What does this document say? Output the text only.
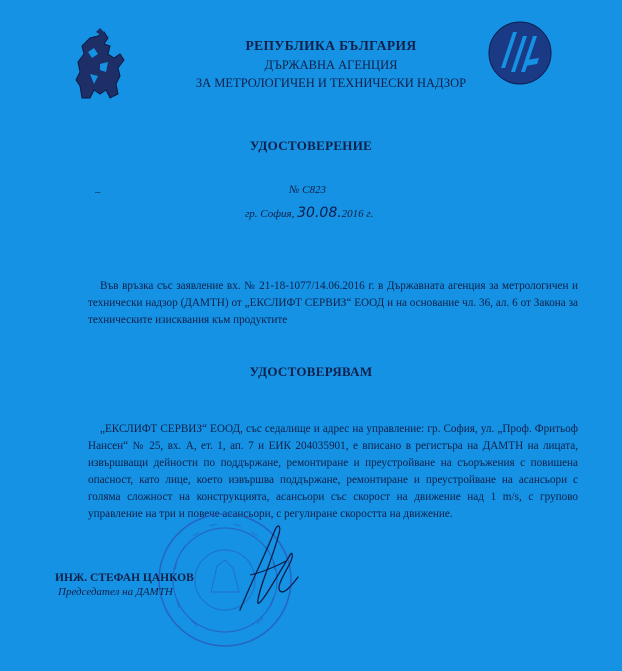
РЕПУБЛИКА БЪЛГАРИЯ
ДЪРЖАВНА АГЕНЦИЯ
ЗА МЕТРОЛОГИЧЕН И ТЕХНИЧЕСКИ НАДЗОР
УДОСТОВЕРЕНИЕ
–	№ С823
гр. София, 30.08.2016 г.
Във връзка със заявление вх. № 21-18-1077/14.06.2016 г. в Държавната агенция за метрологичен и технически надзор (ДАМТН) от „ЕКСЛИФТ СЕРВИЗ“ ЕООД и на основание чл. 36, ал. 6 от Закона за техническите изисквания към продуктите
УДОСТОВЕРЯВАМ
„ЕКСЛИФТ СЕРВИЗ“ ЕООД, със седалище и адрес на управление: гр. София, ул. „Проф. Фритьоф Нансен“ № 25, вх. А, ет. 1, ап. 7 и ЕИК 204035901, е вписано в регистъра на ДАМТН на лицата, извършващи дейности по поддържане, ремонтиране и преустройване на съоръжения с повишена опасност, като лице, което извършва поддържане, ремонтиране и преустройване на асансьори с голяма сложност на конструкцията, асансьори със скорост на движение над 1 m/s, с групово управление на три и повече асансьори, с регулиране скоростта на движение.
ИНЖ. СТЕФАН ЦАНКОВ
Председател на ДАМТН
